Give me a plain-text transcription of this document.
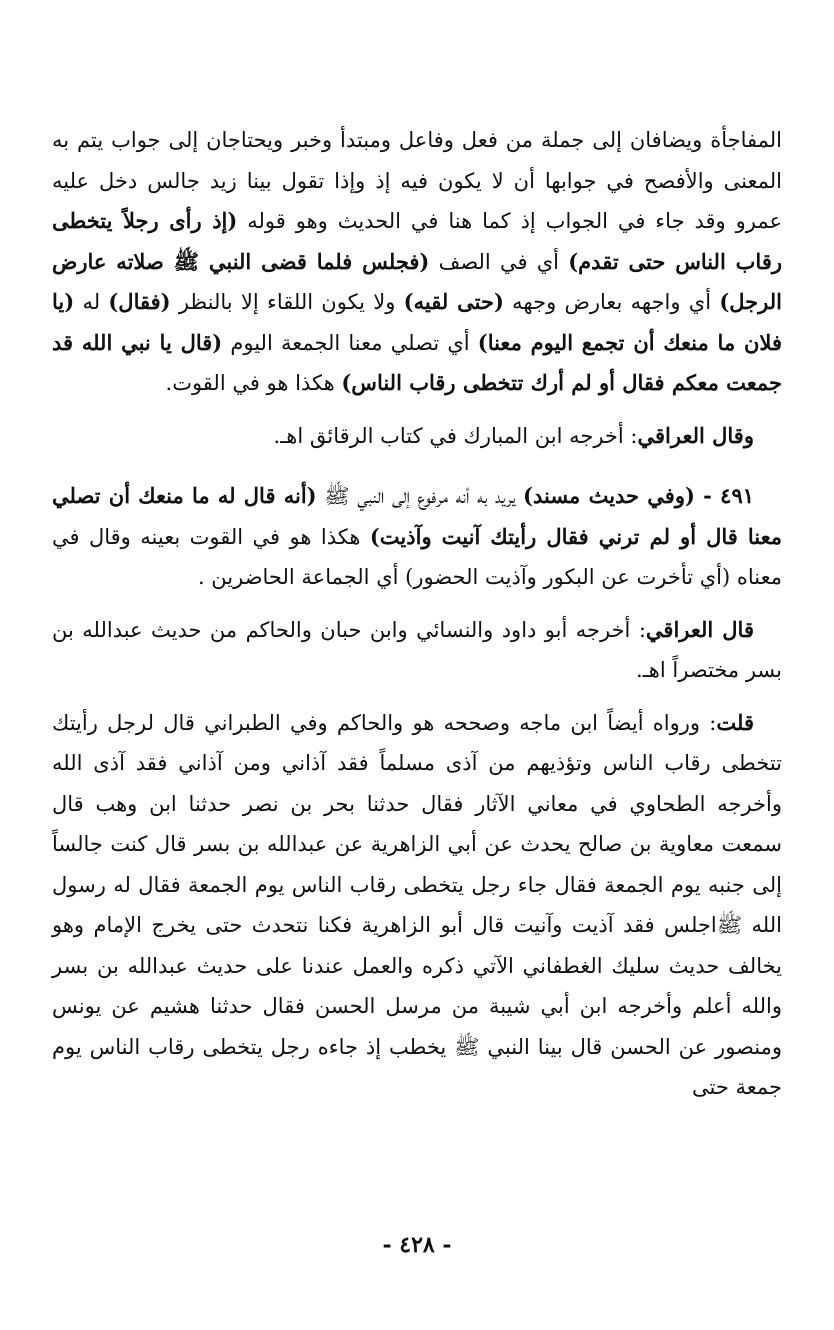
المفاجأة ويضافان إلى جملة من فعل وفاعل ومبتدأ وخبر ويحتاجان إلى جواب يتم به المعنى والأفصح في جوابها أن لا يكون فيه إذ وإذا تقول بينا زيد جالس دخل عليه عمرو وقد جاء في الجواب إذ كما هنا في الحديث وهو قوله (إذ رأى رجلاً يتخطى رقاب الناس حتى تقدم) أي في الصف (فجلس فلما قضى النبي ﷺ صلاته عارض الرجل) أي واجهه بعارض وجهه (حتى لقيه) ولا يكون اللقاء إلا بالنظر (فقال) له (يا فلان ما منعك أن تجمع اليوم معنا) أي تصلي معنا الجمعة اليوم (قال يا نبي الله قد جمعت معكم فقال أو لم أرك تتخطى رقاب الناس) هكذا هو في القوت.

وقال العراقي: أخرجه ابن المبارك في كتاب الرقائق اهـ.

٤٩١ - (وفي حديث مسند) يريد به أنه مرفوع إلى النبي ﷺ (أنه قال له ما منعك أن تصلي معنا قال أو لم ترني فقال رأيتك آنيت وآذيت) هكذا هو في القوت بعينه وقال في معناه (أي تأخرت عن البكور وآذيت الحضور) أي الجماعة الحاضرين .

قال العراقي: أخرجه أبو داود والنسائي وابن حبان والحاكم من حديث عبدالله بن بسر مختصراً اهـ.

قلت: ورواه أيضاً ابن ماجه وصححه هو والحاكم وفي الطبراني قال لرجل رأيتك تتخطى رقاب الناس وتؤذيهم من آذى مسلماً فقد آذاني ومن آذاني فقد آذى الله وأخرجه الطحاوي في معاني الآثار فقال حدثنا بحر بن نصر حدثنا ابن وهب قال سمعت معاوية بن صالح يحدث عن أبي الزاهرية عن عبدالله بن بسر قال كنت جالساً إلى جنبه يوم الجمعة فقال جاء رجل يتخطى رقاب الناس يوم الجمعة فقال له رسول الله ﷺاجلس فقد آذيت وآنيت قال أبو الزاهرية فكنا نتحدث حتى يخرج الإمام وهو يخالف حديث سليك الغطفاني الآتي ذكره والعمل عندنا على حديث عبدالله بن بسر والله أعلم وأخرجه ابن أبي شيبة من مرسل الحسن فقال حدثنا هشيم عن يونس ومنصور عن الحسن قال بينا النبي ﷺ يخطب إذ جاءه رجل يتخطى رقاب الناس يوم جمعة حتى

- ٤٢٨ -
